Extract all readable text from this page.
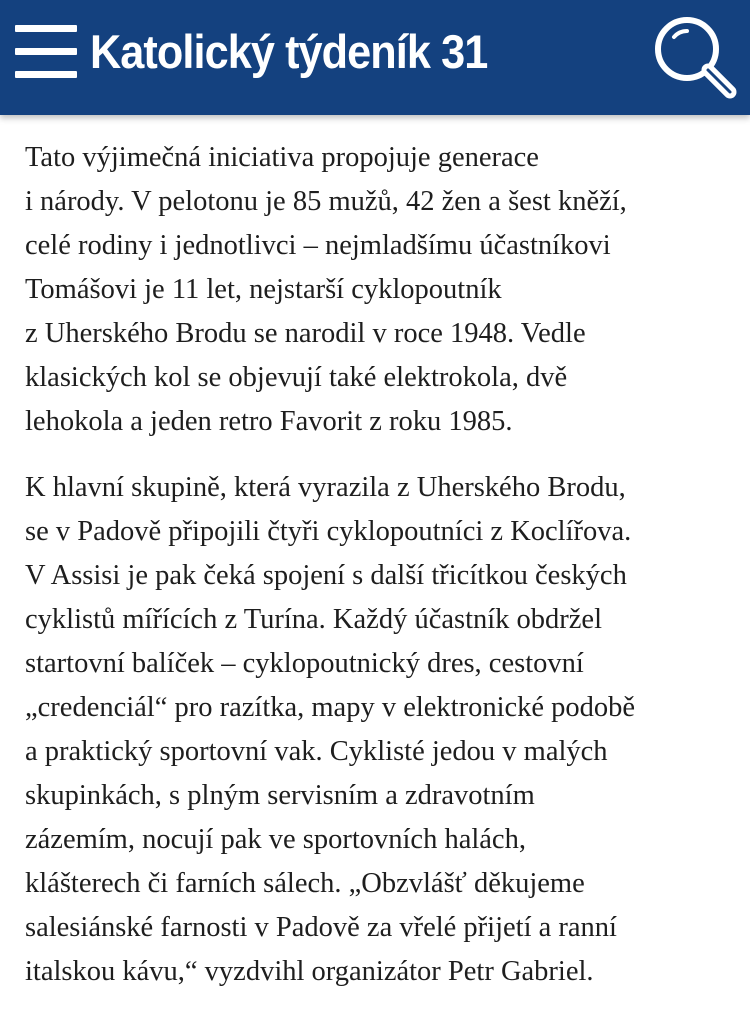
Katolický týdeník 31

Tato výjimečná iniciativa propojuje generace
i národy. V pelotonu je 85 mužů, 42 žen a šest kněží,
celé rodiny i jednotlivci – nejmladšímu účastníkovi
Tomášovi je 11 let, nejstarší cyklopoutník
z Uherského Brodu se narodil v roce 1948. Vedle
klasických kol se objevují také elektrokola, dvě
lehokola a jeden retro Favorit z roku 1985.

K hlavní skupině, která vyrazila z Uherského Brodu,
se v Padově připojili čtyři cyklopoutníci z Koclířova.
V Assisi je pak čeká spojení s další třicítkou českých
cyklistů mířících z Turína. Každý účastník obdržel
startovní balíček – cyklopoutnický dres, cestovní
„credenciál“ pro razítka, mapy v elektronické podobě
a praktický sportovní vak. Cyklisté jedou v malých
skupinkách, s plným servisním a zdravotním
zázemím, nocují pak ve sportovních halách,
klášterech či farních sálech. „Obzvlášť děkujeme
salesiánské farnosti v Padově za vřelé přijetí a ranní
italskou kávu,“ vyzdvihl organizátor Petr Gabriel.
